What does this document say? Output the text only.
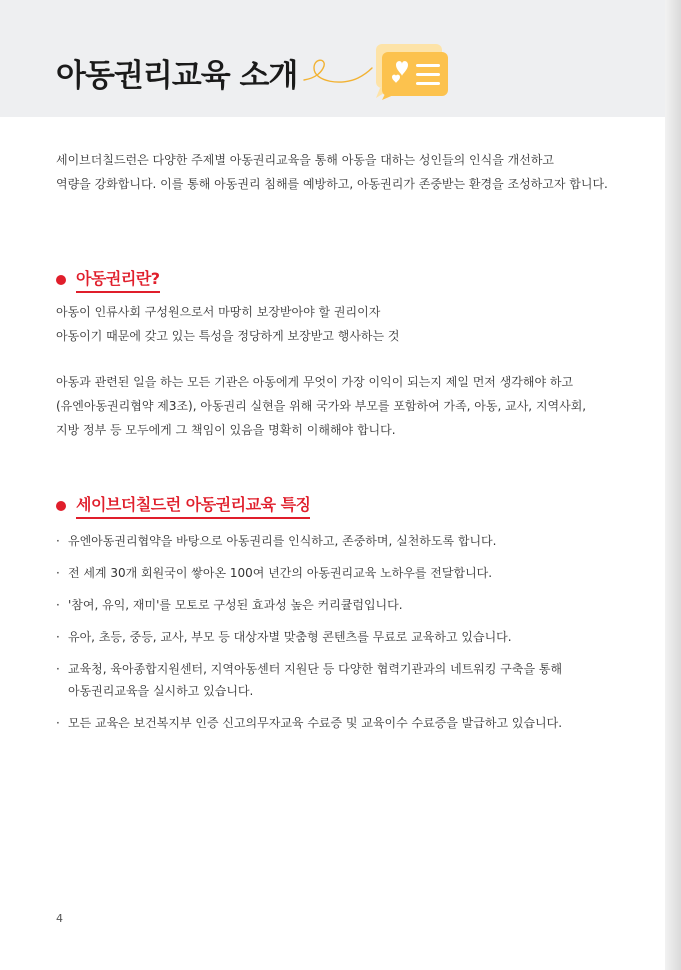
아동권리교육 소개

세이브더칠드런은 다양한 주제별 아동권리교육을 통해 아동을 대하는 성인들의 인식을 개선하고

역량을 강화합니다. 이를 통해 아동권리 침해를 예방하고, 아동권리가 존중받는 환경을 조성하고자 합니다.

아동권리란?

아동이 인류사회 구성원으로서 마땅히 보장받아야 할 권리이자

아동이기 때문에 갖고 있는 특성을 정당하게 보장받고 행사하는 것

아동과 관련된 일을 하는 모든 기관은 아동에게 무엇이 가장 이익이 되는지 제일 먼저 생각해야 하고

(유엔아동권리협약 제3조), 아동권리 실현을 위해 국가와 부모를 포함하여 가족, 아동, 교사, 지역사회,

지방 정부 등 모두에게 그 책임이 있음을 명확히 이해해야 합니다.

세이브더칠드런 아동권리교육 특징
· 유엔아동권리협약을 바탕으로 아동권리를 인식하고, 존중하며, 실천하도록 합니다.
· 전 세계 30개 회원국이 쌓아온 100여 년간의 아동권리교육 노하우를 전달합니다.
· '참여, 유익, 재미'를 모토로 구성된 효과성 높은 커리큘럼입니다.
· 유아, 초등, 중등, 교사, 부모 등 대상자별 맞춤형 콘텐츠를 무료로 교육하고 있습니다.
· 교육청, 육아종합지원센터, 지역아동센터 지원단 등 다양한 협력기관과의 네트워킹 구축을 통해
아동권리교육을 실시하고 있습니다.
· 모든 교육은 보건복지부 인증 신고의무자교육 수료증 및 교육이수 수료증을 발급하고 있습니다.
4
